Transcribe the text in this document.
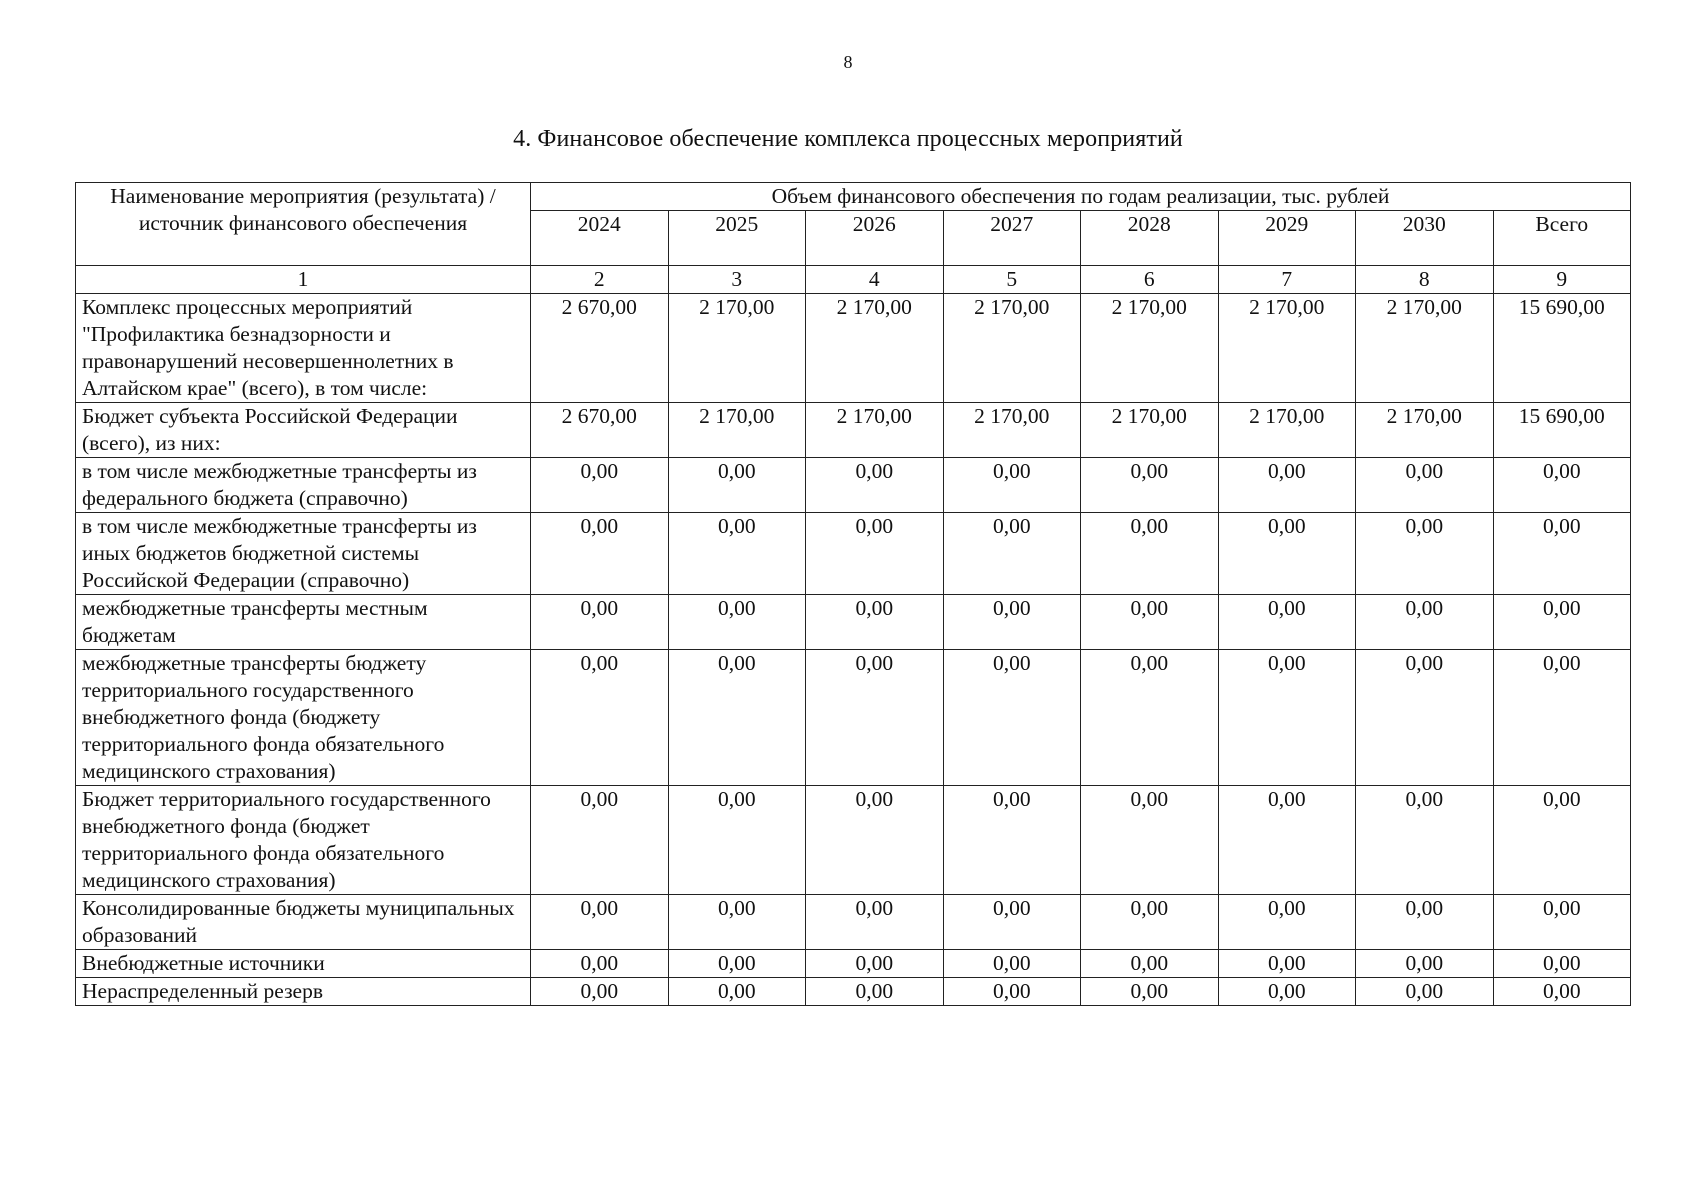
8
4. Финансовое обеспечение комплекса процессных мероприятий
Наименование мероприятия (результата) / источник финансового обеспечения	Объем финансового обеспечения по годам реализации, тыс. рублей							
	2024	2025	2026	2027	2028	2029	2030	Всего
1	2	3	4	5	6	7	8	9
Комплекс процессных мероприятий "Профилактика безнадзорности и правонарушений несовершеннолетних в Алтайском крае" (всего), в том числе:	2 670,00	2 170,00	2 170,00	2 170,00	2 170,00	2 170,00	2 170,00	15 690,00
Бюджет субъекта Российской Федерации (всего), из них:	2 670,00	2 170,00	2 170,00	2 170,00	2 170,00	2 170,00	2 170,00	15 690,00
в том числе межбюджетные трансферты из федерального бюджета (справочно)	0,00	0,00	0,00	0,00	0,00	0,00	0,00	0,00
в том числе межбюджетные трансферты из иных бюджетов бюджетной системы Российской Федерации (справочно)	0,00	0,00	0,00	0,00	0,00	0,00	0,00	0,00
межбюджетные трансферты местным бюджетам	0,00	0,00	0,00	0,00	0,00	0,00	0,00	0,00
межбюджетные трансферты бюджету территориального государственного внебюджетного фонда (бюджету территориального фонда обязательного медицинского страхования)	0,00	0,00	0,00	0,00	0,00	0,00	0,00	0,00
Бюджет территориального государственного внебюджетного фонда (бюджет территориального фонда обязательного медицинского страхования)	0,00	0,00	0,00	0,00	0,00	0,00	0,00	0,00
Консолидированные бюджеты муниципальных образований	0,00	0,00	0,00	0,00	0,00	0,00	0,00	0,00
Внебюджетные источники	0,00	0,00	0,00	0,00	0,00	0,00	0,00	0,00
Нераспределенный резерв	0,00	0,00	0,00	0,00	0,00	0,00	0,00	0,00
